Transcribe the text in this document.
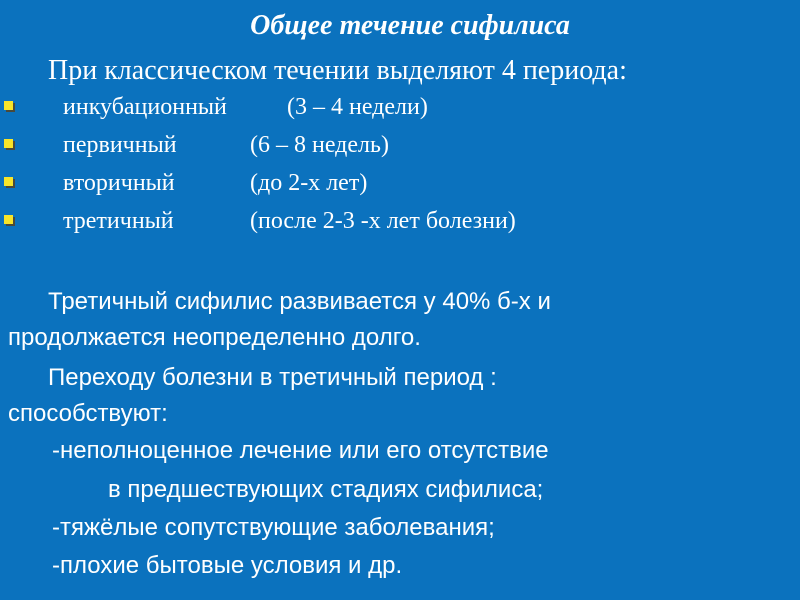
Общее течение сифилиса
При классическом течении выделяют 4 периода:
инкубационный	(3 – 4 недели)
первичный	(6 – 8 недель)
вторичный	(до 2-х лет)
третичный	(после 2-3 -х лет болезни)
Третичный сифилис развивается у 40% б-х и
продолжается неопределенно долго.
Переходу болезни в третичный период :
способствуют:
-неполноценное лечение или его отсутствие
в предшествующих стадиях сифилиса;
-тяжёлые сопутствующие заболевания;
-плохие бытовые условия и др.
